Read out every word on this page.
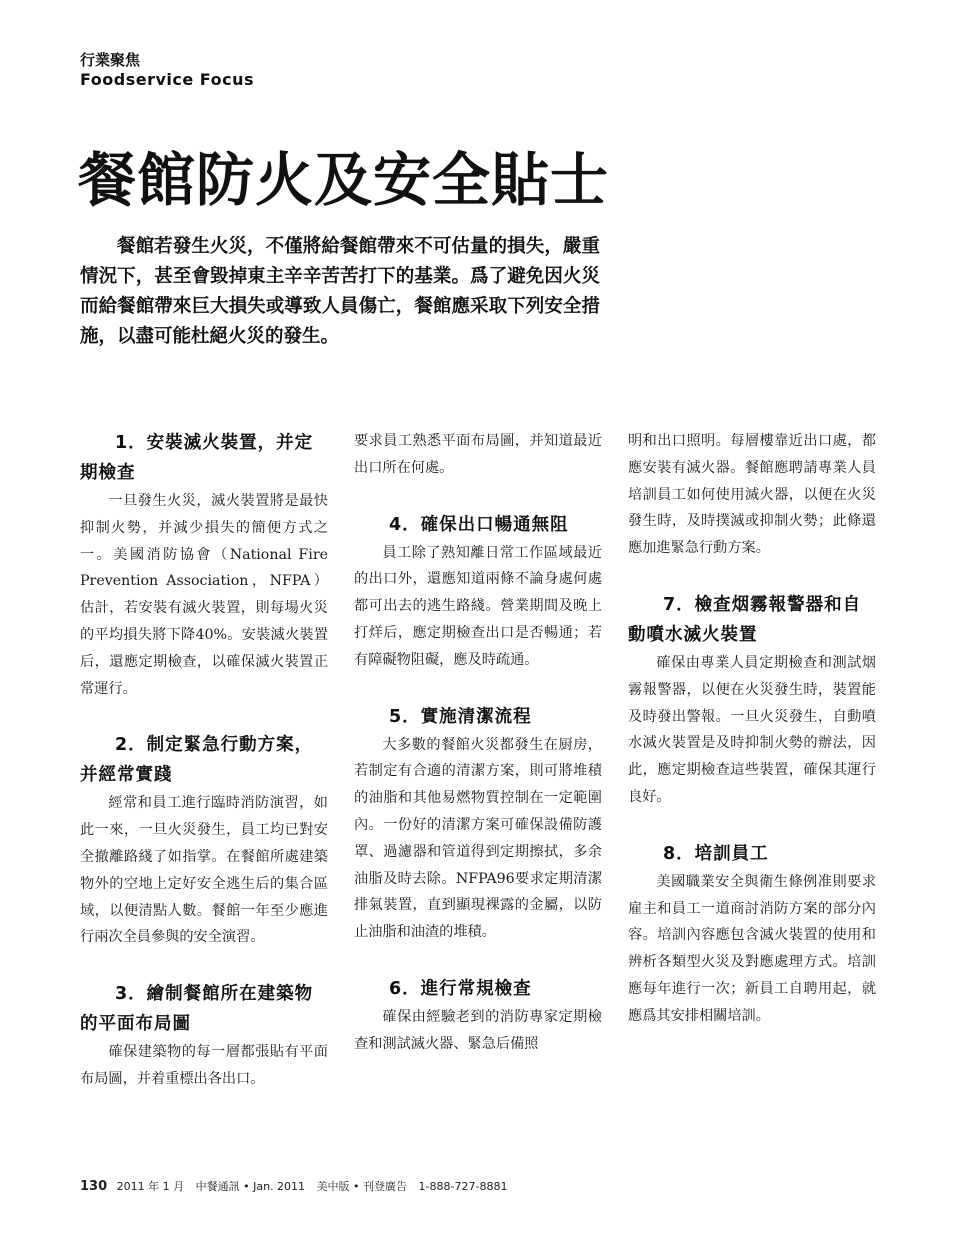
行業聚焦
Foodservice Focus
餐館防火及安全貼士

餐館若發生火災，不僅將給餐館帶來不可估量的損失，嚴重情況下，甚至會毀掉東主辛辛苦苦打下的基業。爲了避免因火災而給餐館帶來巨大損失或導致人員傷亡，餐館應采取下列安全措施，以盡可能杜絕火災的發生。

1．安裝滅火裝置，并定期檢查

一旦發生火災，滅火裝置將是最快抑制火勢，并減少損失的簡便方式之一。美國消防協會（National Fire Prevention Association，NFPA）估計，若安裝有滅火裝置，則每場火災的平均損失將下降40%。安裝滅火裝置后，還應定期檢查，以確保滅火裝置正常運行。

2．制定緊急行動方案，并經常實踐

經常和員工進行臨時消防演習，如此一來，一旦火災發生，員工均已對安全撤離路綫了如指掌。在餐館所處建築物外的空地上定好安全逃生后的集合區域，以便清點人數。餐館一年至少應進行兩次全員參與的安全演習。

3．繪制餐館所在建築物的平面布局圖

確保建築物的每一層都張貼有平面布局圖，并着重標出各出口。

要求員工熟悉平面布局圖，并知道最近出口所在何處。

4．確保出口暢通無阻

員工除了熟知離日常工作區域最近的出口外，還應知道兩條不論身處何處都可出去的逃生路綫。營業期間及晚上打烊后，應定期檢查出口是否暢通；若有障礙物阻礙，應及時疏通。

5．實施清潔流程

大多數的餐館火災都發生在厨房，若制定有合適的清潔方案，則可將堆積的油脂和其他易燃物質控制在一定範圍內。一份好的清潔方案可確保設備防護罩、過濾器和管道得到定期擦拭，多余油脂及時去除。NFPA96要求定期清潔排氣裝置，直到顯現裸露的金屬，以防止油脂和油渣的堆積。

6．進行常規檢查

確保由經驗老到的消防專家定期檢查和測試滅火器、緊急后備照

明和出口照明。每層樓靠近出口處，都應安裝有滅火器。餐館應聘請專業人員培訓員工如何使用滅火器，以便在火災發生時，及時撲滅或抑制火勢；此條還應加進緊急行動方案。

7．檢查烟霧報警器和自動噴水滅火裝置

確保由專業人員定期檢查和測試烟霧報警器，以便在火災發生時，裝置能及時發出警報。一旦火災發生，自動噴水滅火裝置是及時抑制火勢的辦法，因此，應定期檢查這些裝置，確保其運行良好。

8．培訓員工

美國職業安全與衛生條例准則要求雇主和員工一道商討消防方案的部分內容。培訓內容應包含滅火裝置的使用和辨析各類型火災及對應處理方式。培訓應每年進行一次；新員工自聘用起，就應爲其安排相關培訓。

130 2011 年 1 月 中餐通訊 • Jan. 2011 美中版 • 刊登廣告 1-888-727-8881
